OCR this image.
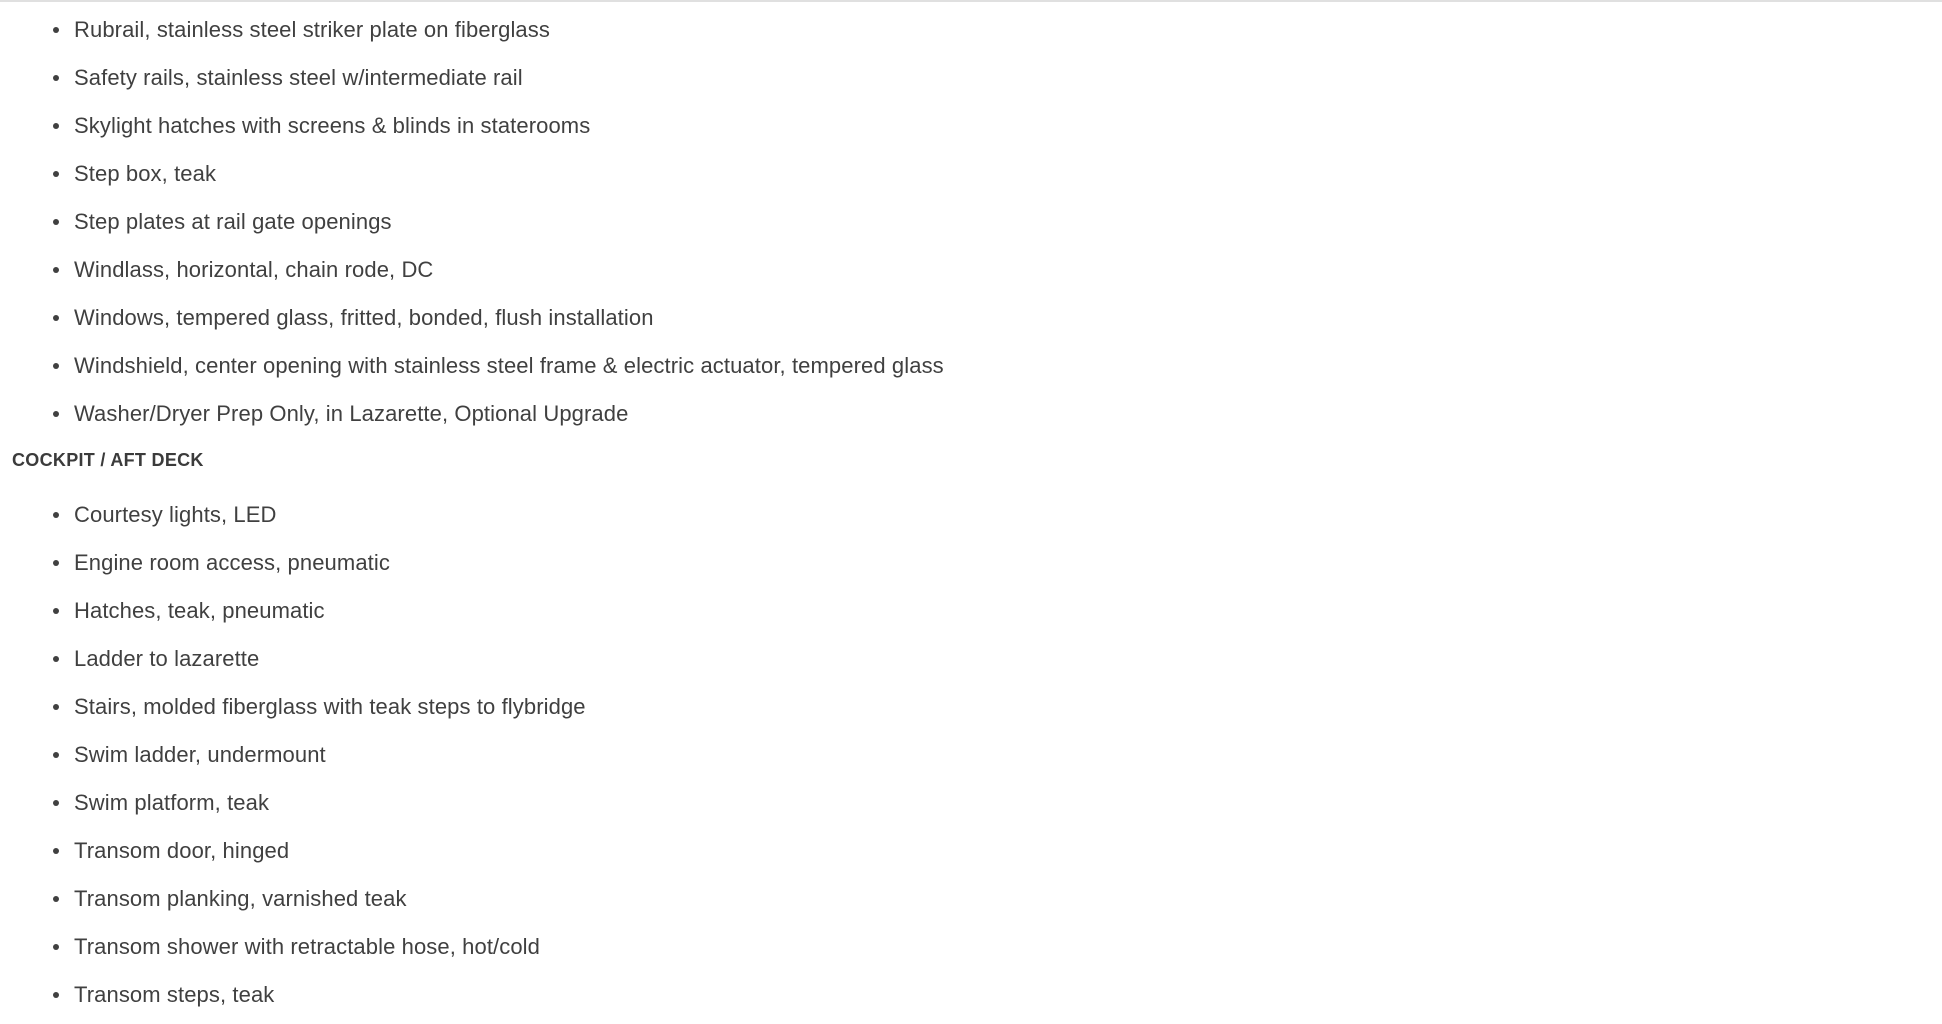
Rubrail, stainless steel striker plate on fiberglass
Safety rails, stainless steel w/intermediate rail
Skylight hatches with screens & blinds in staterooms
Step box, teak
Step plates at rail gate openings
Windlass, horizontal, chain rode, DC
Windows, tempered glass, fritted, bonded, flush installation
Windshield, center opening with stainless steel frame & electric actuator, tempered glass
Washer/Dryer Prep Only, in Lazarette, Optional Upgrade
COCKPIT / AFT DECK
Courtesy lights, LED
Engine room access, pneumatic
Hatches, teak, pneumatic
Ladder to lazarette
Stairs, molded fiberglass with teak steps to flybridge
Swim ladder, undermount
Swim platform, teak
Transom door, hinged
Transom planking, varnished teak
Transom shower with retractable hose, hot/cold
Transom steps, teak
